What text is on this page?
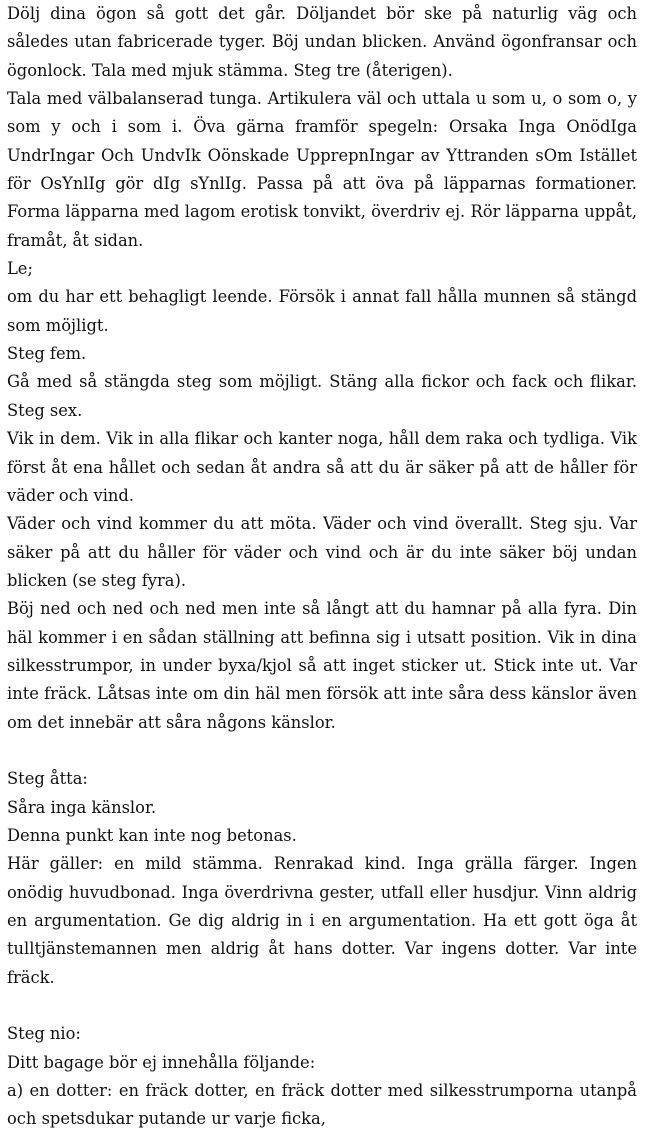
Dölj dina ögon så gott det går. Döljandet bör ske på naturlig väg och således utan fabricerade tyger. Böj undan blicken. Använd ögonfransar och ögonlock. Tala med mjuk stämma. Steg tre (återigen).

Tala med välbalanserad tunga. Artikulera väl och uttala u som u, o som o, y som y och i som i. Öva gärna framför spegeln: Orsaka Inga OnödIga UndrIngar Och UndvIk Oönskade UpprepnIngar av Yttranden sOm Istället för OsYnlIg gör dIg sYnlIg. Passa på att öva på läpparnas formationer. Forma läpparna med lagom erotisk tonvikt, överdriv ej. Rör läpparna uppåt, framåt, åt sidan.

Le;

om du har ett behagligt leende. Försök i annat fall hålla munnen så stängd som möjligt.

Steg fem.

Gå med så stängda steg som möjligt. Stäng alla fickor och fack och flikar. Steg sex.

Vik in dem. Vik in alla flikar och kanter noga, håll dem raka och tydliga. Vik först åt ena hållet och sedan åt andra så att du är säker på att de håller för väder och vind.

Väder och vind kommer du att möta. Väder och vind överallt. Steg sju. Var säker på att du håller för väder och vind och är du inte säker böj undan blicken (se steg fyra).

Böj ned och ned och ned men inte så långt att du hamnar på alla fyra. Din häl kommer i en sådan ställning att befinna sig i utsatt position. Vik in dina silkesstrumpor, in under byxa/kjol så att inget sticker ut. Stick inte ut. Var inte fräck. Låtsas inte om din häl men försök att inte såra dess känslor även om det innebär att såra någons känslor.

Steg åtta:

Såra inga känslor.

Denna punkt kan inte nog betonas.

Här gäller: en mild stämma. Renrakad kind. Inga grälla färger. Ingen onödig huvudbonad. Inga överdrivna gester, utfall eller husdjur. Vinn aldrig en argumentation. Ge dig aldrig in i en argumentation. Ha ett gott öga åt tulltjänstemannen men aldrig åt hans dotter. Var ingens dotter. Var inte fräck.

Steg nio:

Ditt bagage bör ej innehålla följande:

a) en dotter: en fräck dotter, en fräck dotter med silkesstrumporna utanpå och spetsdukar putande ur varje ficka,
